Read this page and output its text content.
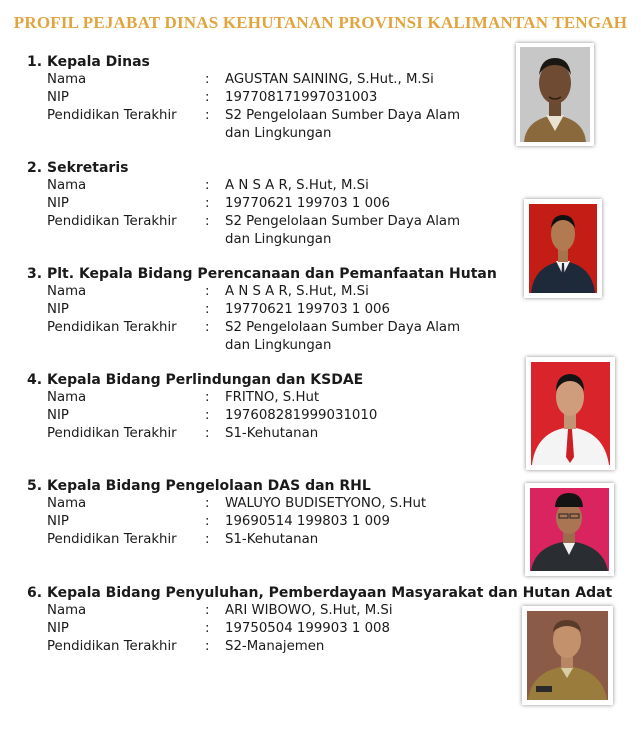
PROFIL PEJABAT DINAS KEHUTANAN PROVINSI KALIMANTAN TENGAH
1. Kepala Dinas
Nama	: AGUSTAN SAINING, S.Hut., M.Si
NIP	: 197708171997031003
Pendidikan Terakhir : S2 Pengelolaan Sumber Daya Alam
dan Lingkungan
2. Sekretaris
Nama	: A N S A R, S.Hut, M.Si
NIP	: 19770621 199703 1 006
Pendidikan Terakhir : S2 Pengelolaan Sumber Daya Alam
dan Lingkungan
3. Plt. Kepala Bidang Perencanaan dan Pemanfaatan Hutan
Nama	: A N S A R, S.Hut, M.Si
NIP	: 19770621 199703 1 006
Pendidikan Terakhir : S2 Pengelolaan Sumber Daya Alam
dan Lingkungan
4. Kepala Bidang Perlindungan dan KSDAE
Nama	: FRITNO, S.Hut
NIP	: 197608281999031010
Pendidikan Terakhir : S1-Kehutanan
5. Kepala Bidang Pengelolaan DAS dan RHL
Nama	: WALUYO BUDISETYONO, S.Hut
NIP	: 19690514 199803 1 009
Pendidikan Terakhir : S1-Kehutanan
6. Kepala Bidang Penyuluhan, Pemberdayaan Masyarakat dan Hutan Adat
Nama	: ARI WIBOWO, S.Hut, M.Si
NIP	: 19750504 199903 1 008
Pendidikan Terakhir : S2-Manajemen
